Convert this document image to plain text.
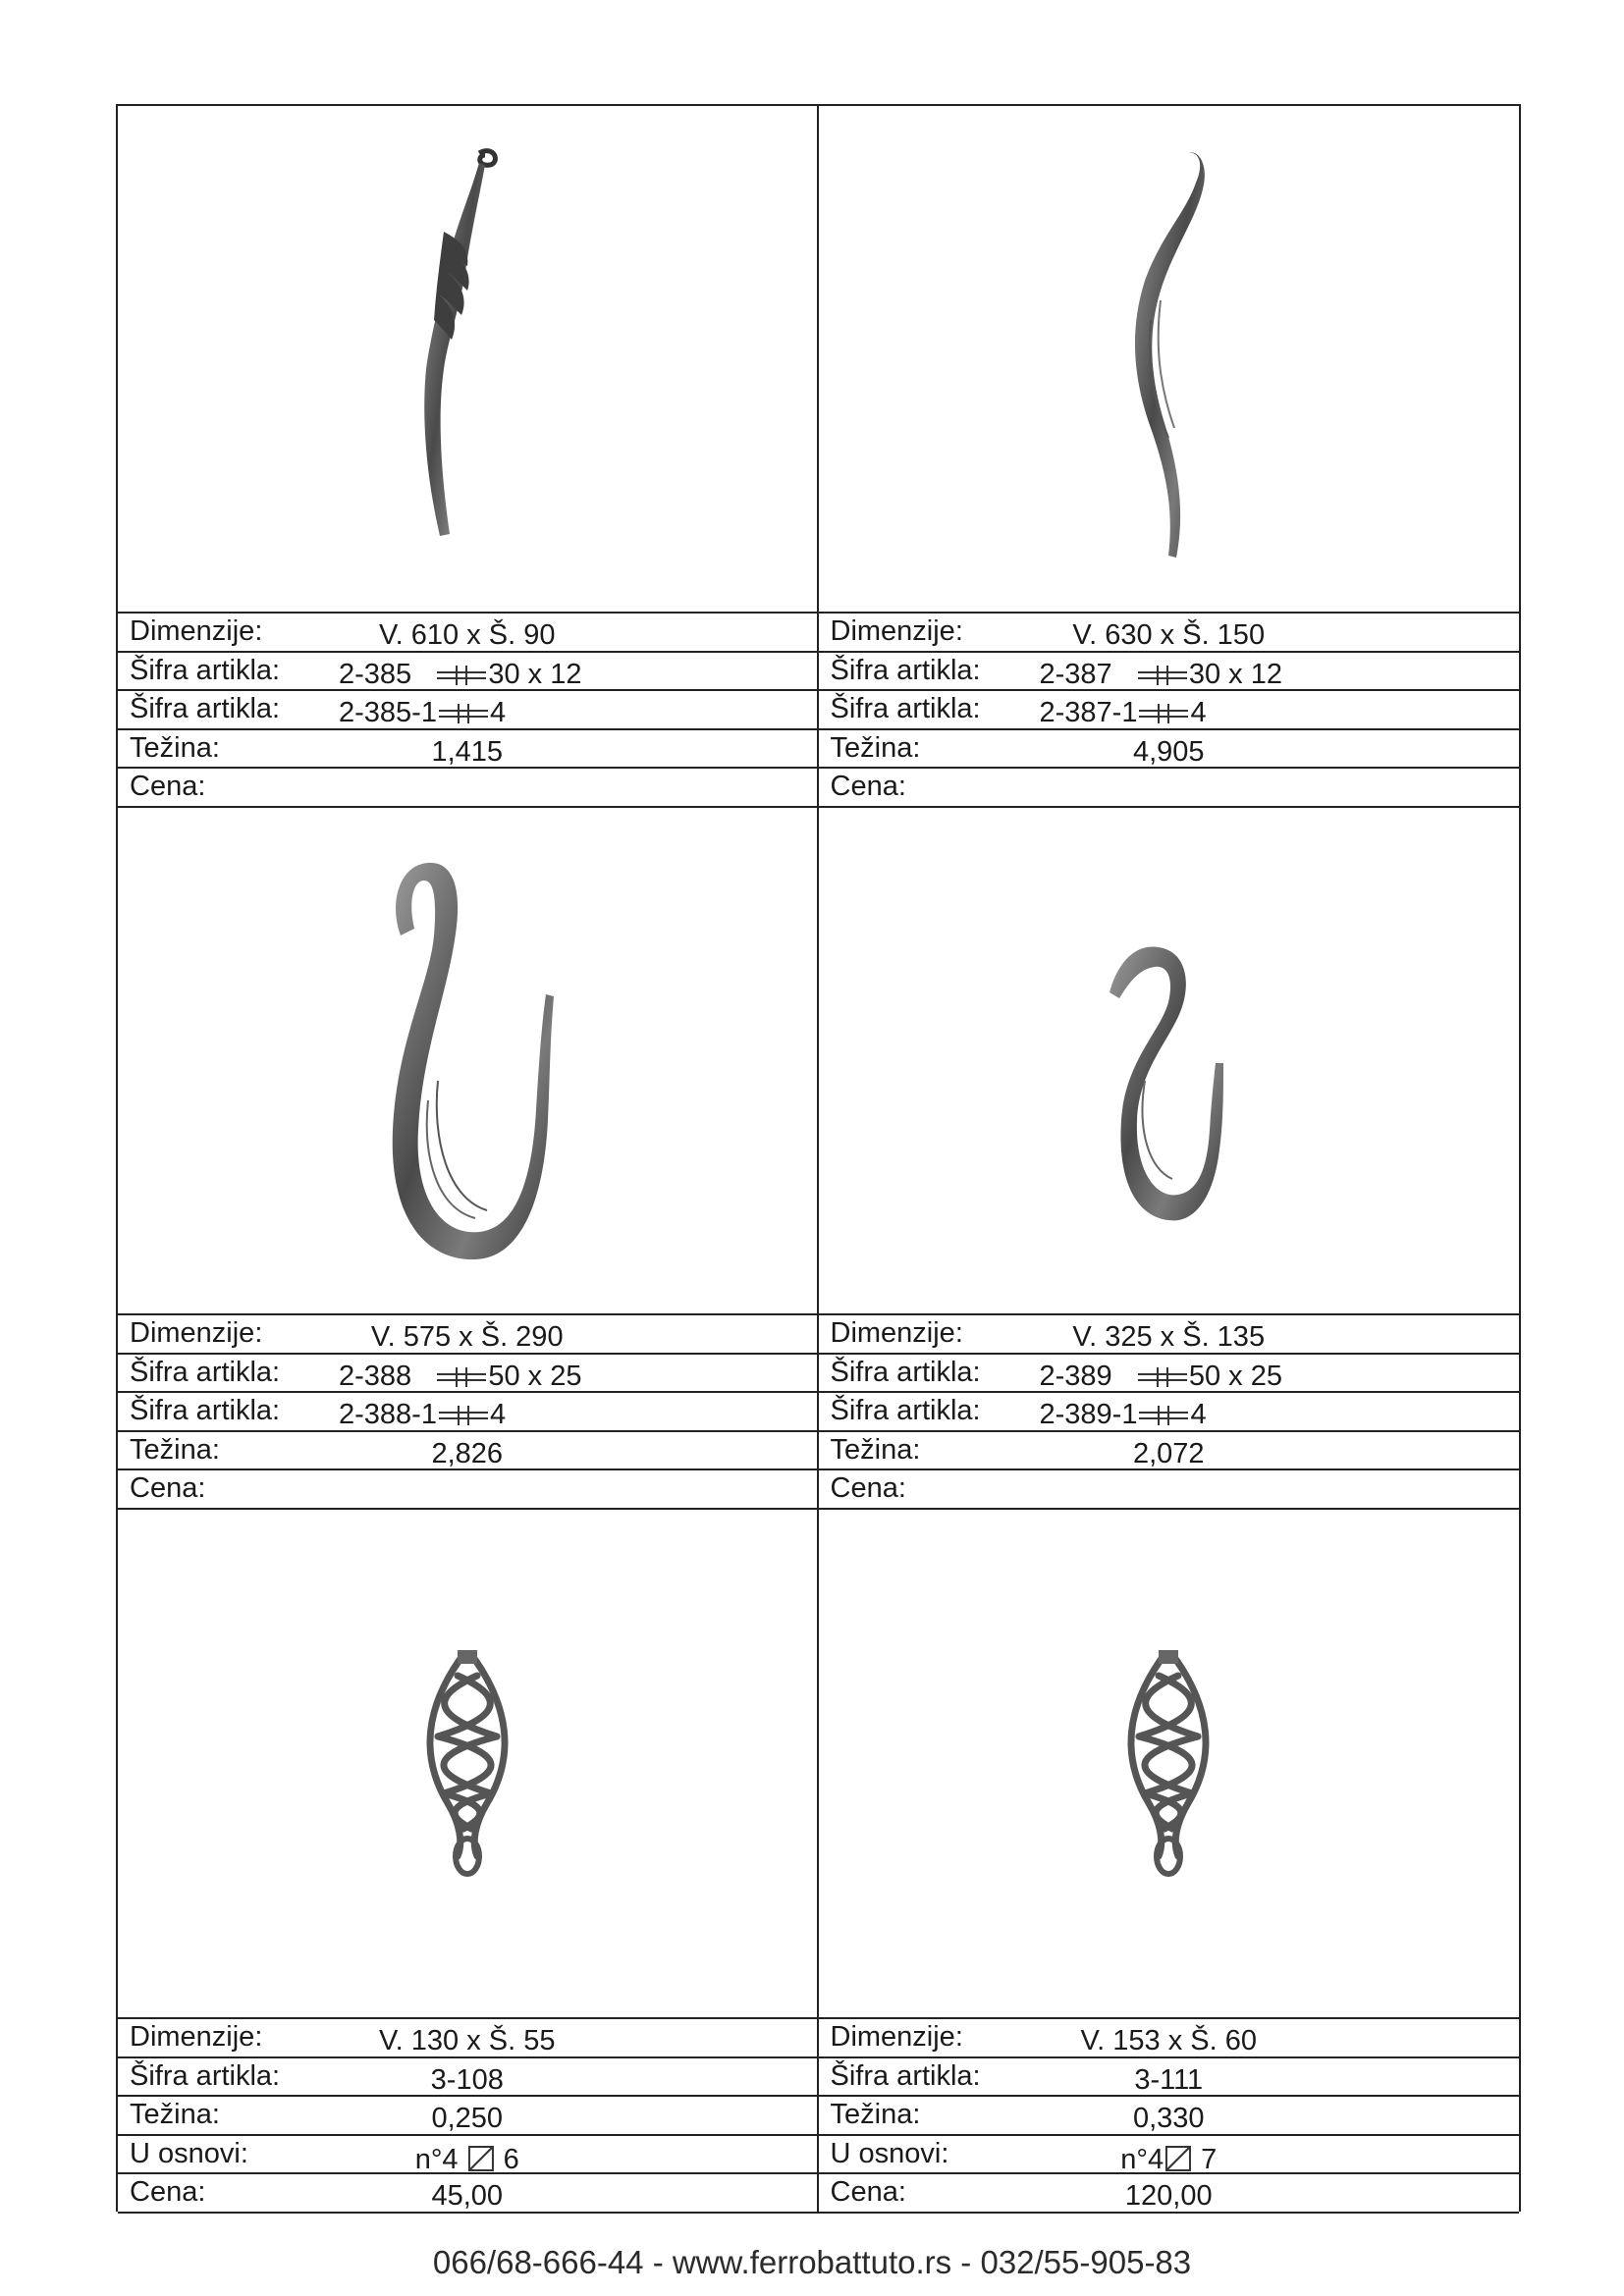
Dimenzije:	V. 610 x Š. 90
Šifra artikla: 2-385	30 x 12
Šifra artikla: 2-385-1 4
Težina:	1,415
Cena:
Dimenzije:	V. 630 x Š. 150
Šifra artikla: 2-387	30 x 12
Šifra artikla: 2-387-1 4
Težina:	4,905
Cena:
Dimenzije:	V. 575 x Š. 290
Šifra artikla: 2-388	50 x 25
Šifra artikla: 2-388-1 4
Težina:	2,826
Cena:
Dimenzije:	V. 325 x Š. 135
Šifra artikla: 2-389	50 x 25
Šifra artikla: 2-389-1 4
Težina:	2,072
Cena:
Dimenzije:	V. 130 x Š. 55
Šifra artikla:	3-108
Težina:	0,250
U osnovi:	n°4 6
Cena:	45,00
Dimenzije:	V. 153 x Š. 60
Šifra artikla:	3-111
Težina:	0,330
U osnovi:	n°4 7
Cena:	120,00
066/68-666-44 - www.ferrobattuto.rs - 032/55-905-83
